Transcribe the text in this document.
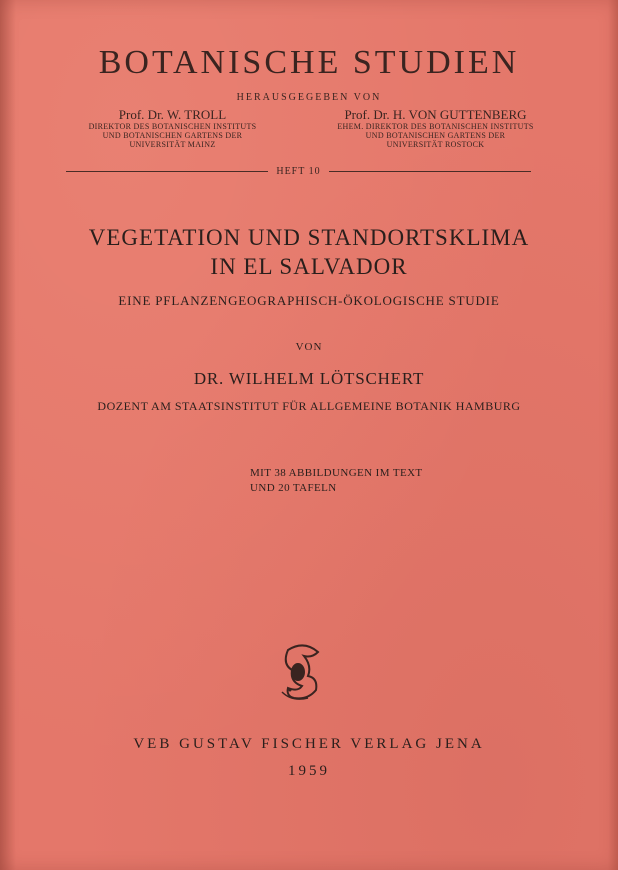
BOTANISCHE STUDIEN
HERAUSGEGEBEN VON
Prof. Dr. W. TROLL
DIREKTOR DES BOTANISCHEN INSTITUTS
UND BOTANISCHEN GARTENS DER
UNIVERSITÄT MAINZ
Prof. Dr. H. VON GUTTENBERG
EHEM. DIREKTOR DES BOTANISCHEN INSTITUTS
UND BOTANISCHEN GARTENS DER
UNIVERSITÄT ROSTOCK
HEFT 10
VEGETATION UND STANDORTSKLIMA
IN EL SALVADOR
EINE PFLANZENGEOGRAPHISCH-ÖKOLOGISCHE STUDIE
VON
DR. WILHELM LÖTSCHERT
DOZENT AM STAATSINSTITUT FÜR ALLGEMEINE BOTANIK HAMBURG
MIT 38 ABBILDUNGEN IM TEXT
UND 20 TAFELN
VEB GUSTAV FISCHER VERLAG JENA
1959
